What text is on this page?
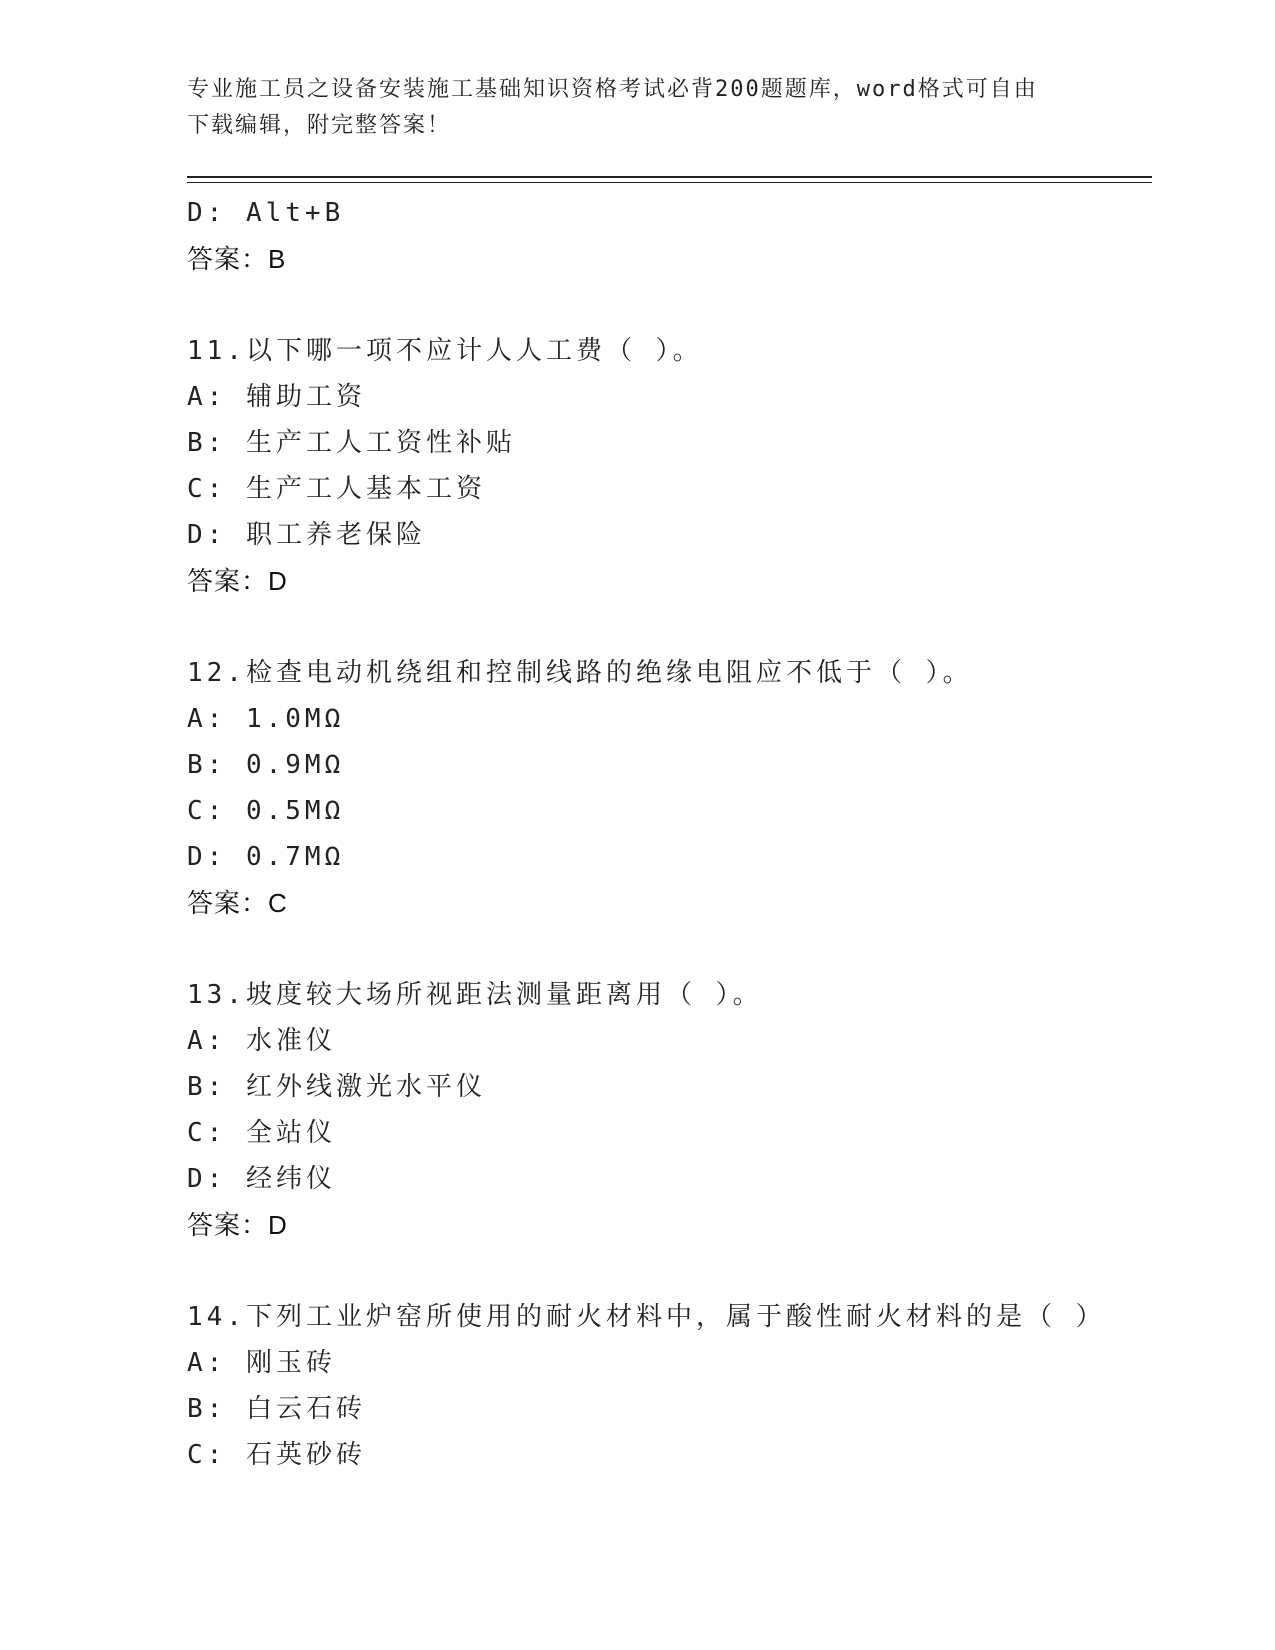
专业施工员之设备安装施工基础知识资格考试必背200题题库，word格式可自由
下载编辑，附完整答案！
D: Alt+B
答案：B
11.以下哪一项不应计人人工费（ ）。
A: 辅助工资
B: 生产工人工资性补贴
C: 生产工人基本工资
D: 职工养老保险
答案：D
12.检查电动机绕组和控制线路的绝缘电阻应不低于（ ）。
A: 1.0MΩ
B: 0.9MΩ
C: 0.5MΩ
D: 0.7MΩ
答案：C
13.坡度较大场所视距法测量距离用（ ）。
A: 水准仪
B: 红外线激光水平仪
C: 全站仪
D: 经纬仪
答案：D
14.下列工业炉窑所使用的耐火材料中，属于酸性耐火材料的是（ ）
A: 刚玉砖
B: 白云石砖
C: 石英砂砖
